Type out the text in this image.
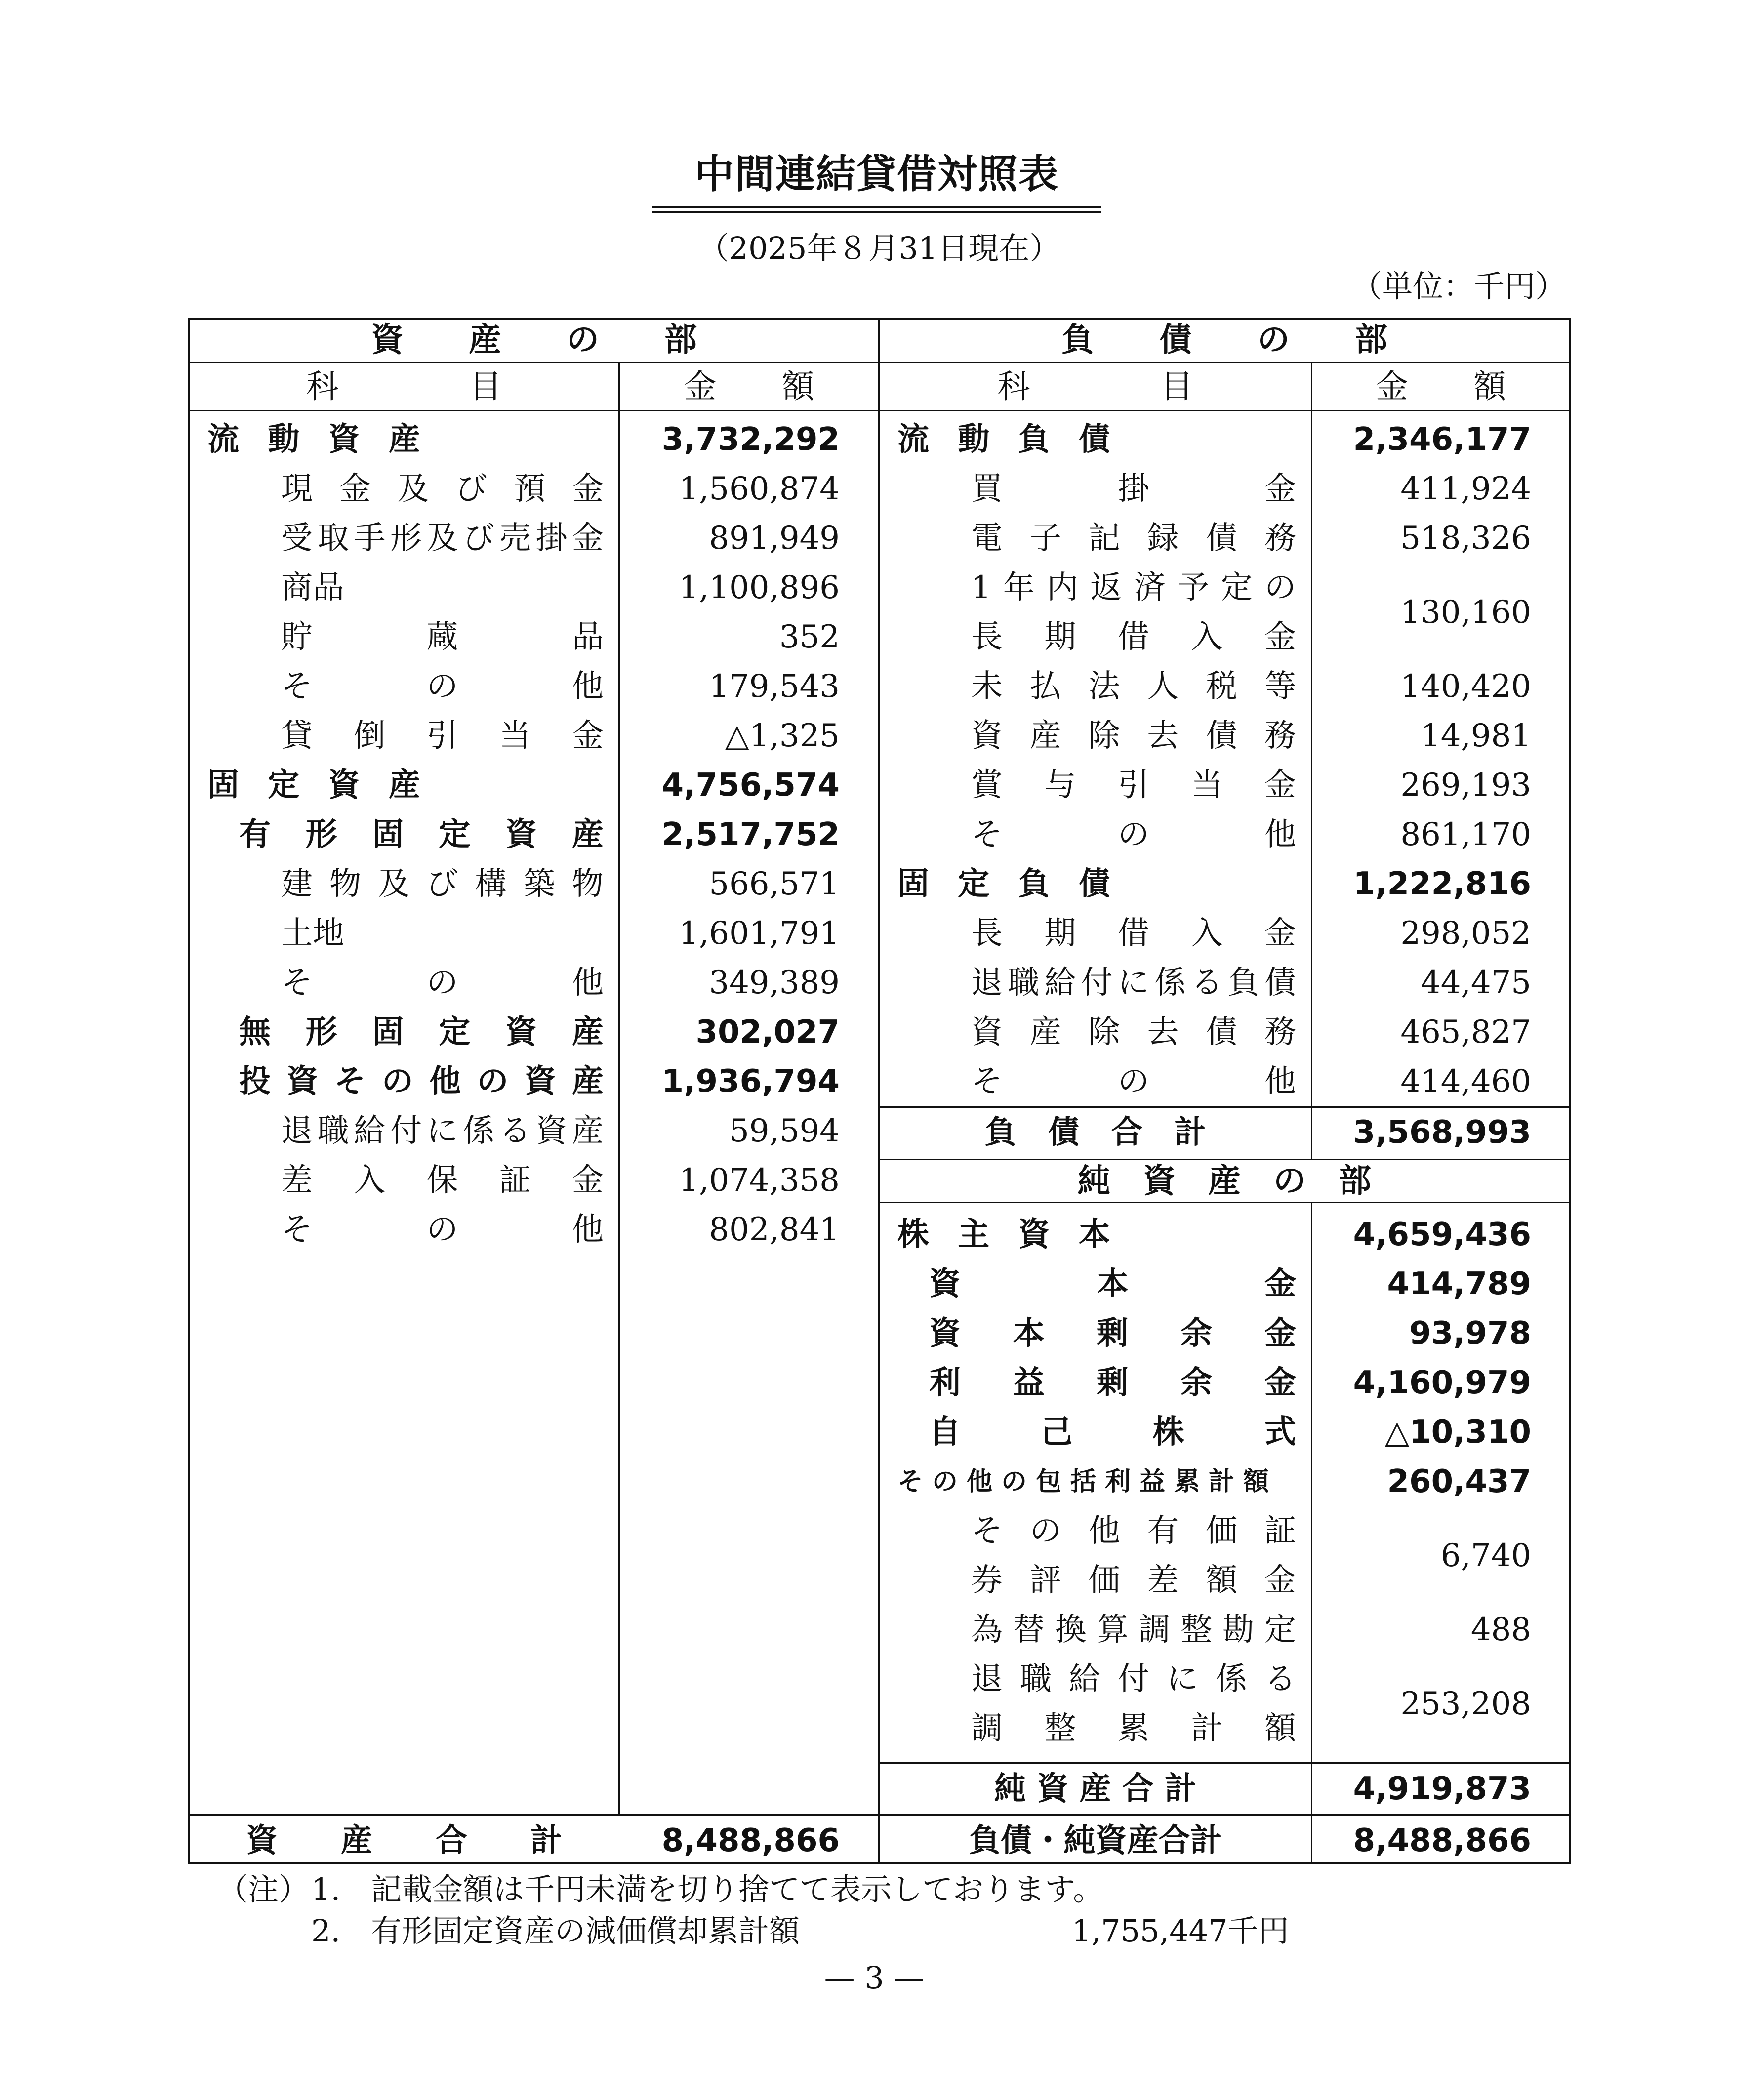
中間連結貸借対照表
（2025年８月31日現在）
（単位：千円）
資　　産　　の　　部	負　　債　　の　　部
科　　　　目	金　　額	科　　　　目	金　　額
流 動 資 産	3,732,292
現金及び預金	1,560,874
受取手形及び売掛金	891,949
商品	1,100,896
貯蔵品	352
その他	179,543
貸倒引当金	△1,325
固 定 資 産	4,756,574
有形固定資産	2,517,752
建物及び構築物	566,571
土地	1,601,791
その他	349,389
無形固定資産	302,027
投資その他の資産	1,936,794
退職給付に係る資産	59,594
差入保証金	1,074,358
その他	802,841
流 動 負 債	2,346,177
買掛金	411,924
電子記録債務	518,326
1年内返済予定の
長期借入金
130,160
未払法人税等	140,420
資産除去債務	14,981
賞与引当金	269,193
その他	861,170
固 定 負 債	1,222,816
長期借入金	298,052
退職給付に係る負債	44,475
資産除去債務	465,827
その他	414,460
負　債　合　計	3,568,993
純　資　産　の　部
株 主 資 本	4,659,436
資本金	414,789
資本剰余金	93,978
利益剰余金	4,160,979
自己株式	△10,310
その他の包括利益累計額	260,437
その他有価証
券評価差額金
6,740
為替換算調整勘定	488
退職給付に係る
調整累計額
253,208
純 資 産 合 計	4,919,873
資　　産　　合　　計	8,488,866	負債・純資産合計	8,488,866
（注） 1.　記載金額は千円未満を切り捨てて表示しております。
2.　有形固定資産の減価償却累計額	1,755,447千円
— 3 —
